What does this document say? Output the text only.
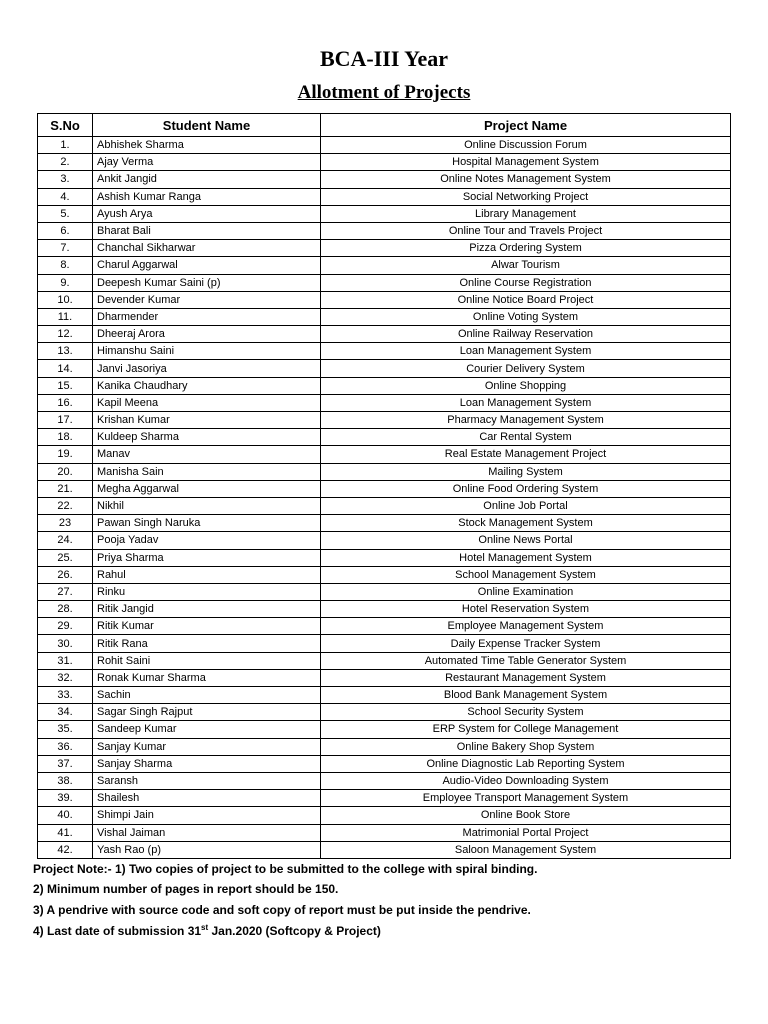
BCA-III Year
Allotment of Projects
S.No	Student Name	Project Name
1.	Abhishek Sharma	Online Discussion Forum
2.	Ajay Verma	Hospital Management System
3.	Ankit Jangid	Online Notes Management System
4.	Ashish Kumar Ranga	Social Networking Project
5.	Ayush Arya	Library Management
6.	Bharat Bali	Online Tour and Travels Project
7.	Chanchal Sikharwar	Pizza Ordering System
8.	Charul Aggarwal	Alwar Tourism
9.	Deepesh Kumar Saini (p)	Online Course Registration
10.	Devender Kumar	Online Notice Board Project
11.	Dharmender	Online Voting System
12.	Dheeraj Arora	Online Railway Reservation
13.	Himanshu Saini	Loan Management System
14.	Janvi Jasoriya	Courier Delivery System
15.	Kanika Chaudhary	Online Shopping
16.	Kapil Meena	Loan Management System
17.	Krishan Kumar	Pharmacy Management System
18.	Kuldeep Sharma	Car Rental System
19.	Manav	Real Estate Management Project
20.	Manisha Sain	Mailing System
21.	Megha Aggarwal	Online Food Ordering System
22.	Nikhil	Online Job Portal
23	Pawan Singh Naruka	Stock Management System
24.	Pooja Yadav	Online News Portal
25.	Priya Sharma	Hotel Management System
26.	Rahul	School Management System
27.	Rinku	Online Examination
28.	Ritik Jangid	Hotel Reservation System
29.	Ritik Kumar	Employee Management System
30.	Ritik Rana	Daily Expense Tracker System
31.	Rohit Saini	Automated Time Table Generator System
32.	Ronak Kumar Sharma	Restaurant Management System
33.	Sachin	Blood Bank Management System
34.	Sagar Singh Rajput	School Security System
35.	Sandeep Kumar	ERP System for College Management
36.	Sanjay Kumar	Online Bakery Shop System
37.	Sanjay Sharma	Online Diagnostic Lab Reporting System
38.	Saransh	Audio-Video Downloading System
39.	Shailesh	Employee Transport Management System
40.	Shimpi Jain	Online Book Store
41.	Vishal Jaiman	Matrimonial Portal Project
42.	Yash Rao (p)	Saloon Management System
Project Note:- 1) Two copies of project to be submitted to the college with spiral binding.
2) Minimum number of pages in report should be 150.
3) A pendrive with source code and soft copy of report must be put inside the pendrive.
4) Last date of submission 31st Jan.2020 (Softcopy & Project)
